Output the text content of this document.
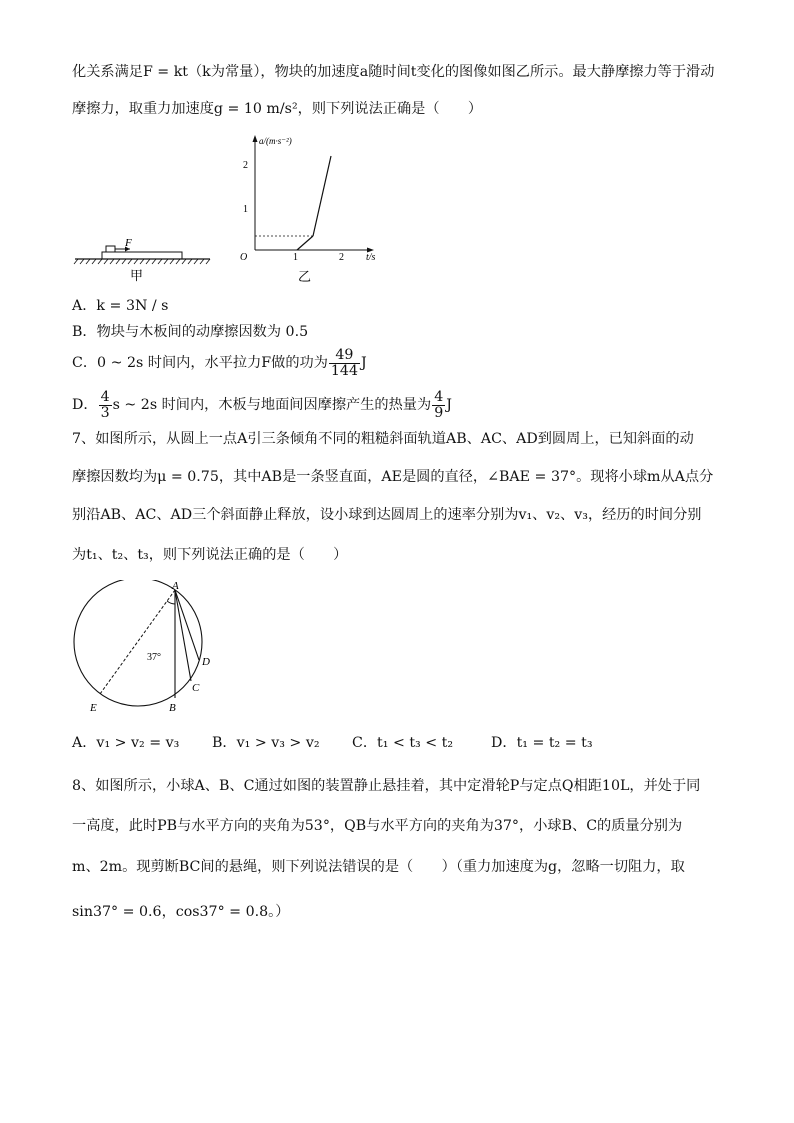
化关系满足F = kt（k为常量），物块的加速度a随时间t变化的图像如图乙所示。最大静摩擦力等于滑动
摩擦力，取重力加速度g = 10 m/s²，则下列说法正确是（　　）
F
甲
a/(m·s⁻²)
t/s
O
1
2
1	2
乙
A．k = 3N / s
B．物块与木板间的动摩擦因数为 0.5
C．0 ~ 2s 时间内，水平拉力F做的功为 $\frac{49}{144}$ J
D． $\frac{4}{3}$ s ~ 2s 时间内，木板与地面间因摩擦产生的热量为 $\frac{4}{9}$ J
7、如图所示，从圆上一点A引三条倾角不同的粗糙斜面轨道AB、AC、AD到圆周上，已知斜面的动
摩擦因数均为μ = 0.75，其中AB是一条竖直面，AE是圆的直径，∠BAE = 37°。现将小球m从A点分
别沿AB、AC、AD三个斜面静止释放，设小球到达圆周上的速率分别为v₁、v₂、v₃，经历的时间分别
为t₁、t₂、t₃，则下列说法正确的是（　　）
A
B
C
D
E
37°
A．v₁ > v₂ = v₃ B．v₁ > v₃ > v₂ C．t₁ < t₃ < t₂	D．t₁ = t₂ = t₃
8、如图所示，小球A、B、C通过如图的装置静止悬挂着，其中定滑轮P与定点Q相距10L，并处于同
一高度，此时PB与水平方向的夹角为53°，QB与水平方向的夹角为37°，小球B、C的质量分别为
m、2m。现剪断BC间的悬绳，则下列说法错误的是（　　）（重力加速度为g，忽略一切阻力，取
sin37° = 0.6，cos37° = 0.8。）
